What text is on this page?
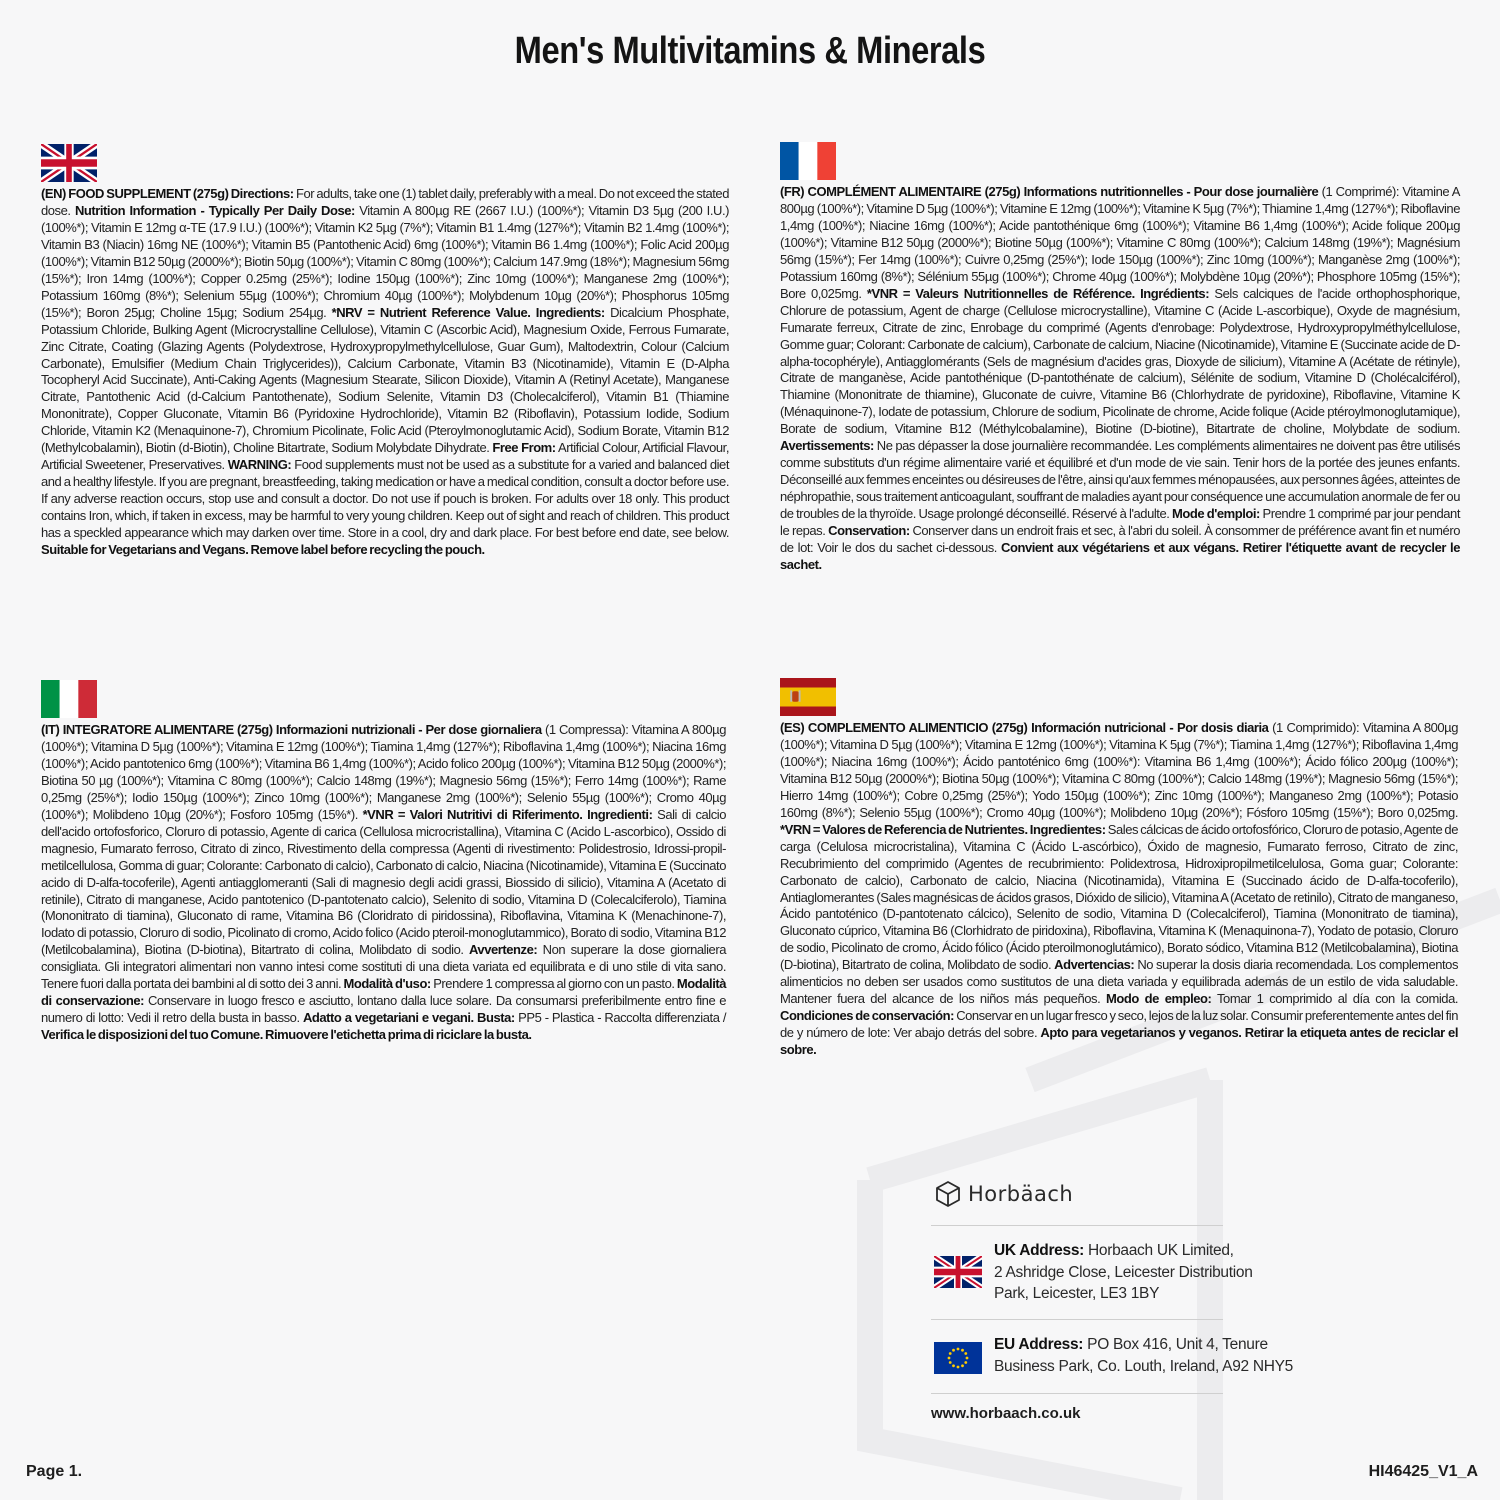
Men's Multivitamins & Minerals
(EN) FOOD SUPPLEMENT (275g) Directions: For adults, take one (1) tablet daily, preferably with a meal. Do not exceed the stated dose. Nutrition Information - Typically Per Daily Dose: Vitamin A 800µg RE (2667 I.U.) (100%*); Vitamin D3 5µg (200 I.U.) (100%*); Vitamin E 12mg α-TE (17.9 I.U.) (100%*); Vitamin K2 5µg (7%*); Vitamin B1 1.4mg (127%*); Vitamin B2 1.4mg (100%*); Vitamin B3 (Niacin) 16mg NE (100%*); Vitamin B5 (Pantothenic Acid) 6mg (100%*); Vitamin B6 1.4mg (100%*); Folic Acid 200µg (100%*); Vitamin B12 50µg (2000%*); Biotin 50µg (100%*); Vitamin C 80mg (100%*); Calcium 147.9mg (18%*); Magnesium 56mg (15%*); Iron 14mg (100%*); Copper 0.25mg (25%*); Iodine 150µg (100%*); Zinc 10mg (100%*); Manganese 2mg (100%*); Potassium 160mg (8%*); Selenium 55µg (100%*); Chromium 40µg (100%*); Molybdenum 10µg (20%*); Phosphorus 105mg (15%*); Boron 25µg; Choline 15µg; Sodium 254µg. *NRV = Nutrient Reference Value. Ingredients: Dicalcium Phosphate, Potassium Chloride, Bulking Agent (Microcrystalline Cellulose), Vitamin C (Ascorbic Acid), Magnesium Oxide, Ferrous Fumarate, Zinc Citrate, Coating (Glazing Agents (Polydextrose, Hydroxypropylmethylcellulose, Guar Gum), Maltodextrin, Colour (Calcium Carbonate), Emulsifier (Medium Chain Triglycerides)), Calcium Carbonate, Vitamin B3 (Nicotinamide), Vitamin E (D-Alpha Tocopheryl Acid Succinate), Anti-Caking Agents (Magnesium Stearate, Silicon Dioxide), Vitamin A (Retinyl Acetate), Manganese Citrate, Pantothenic Acid (d-Calcium Pantothenate), Sodium Selenite, Vitamin D3 (Cholecalciferol), Vitamin B1 (Thiamine Mononitrate), Copper Gluconate, Vitamin B6 (Pyridoxine Hydrochloride), Vitamin B2 (Riboflavin), Potassium Iodide, Sodium Chloride, Vitamin K2 (Menaquinone-7), Chromium Picolinate, Folic Acid (Pteroylmonoglutamic Acid), Sodium Borate, Vitamin B12 (Methylcobalamin), Biotin (d-Biotin), Choline Bitartrate, Sodium Molybdate Dihydrate. Free From: Artificial Colour, Artificial Flavour, Artificial Sweetener, Preservatives. WARNING: Food supplements must not be used as a substitute for a varied and balanced diet and a healthy lifestyle. If you are pregnant, breastfeeding, taking medication or have a medical condition, consult a doctor before use. If any adverse reaction occurs, stop use and consult a doctor. Do not use if pouch is broken. For adults over 18 only. This product contains Iron, which, if taken in excess, may be harmful to very young children. Keep out of sight and reach of children. This product has a speckled appearance which may darken over time. Store in a cool, dry and dark place. For best before end date, see below. Suitable for Vegetarians and Vegans. Remove label before recycling the pouch.
(FR) COMPLÉMENT ALIMENTAIRE (275g) Informations nutritionnelles - Pour dose journalière (1 Comprimé): Vitamine A 800µg (100%*); Vitamine D 5µg (100%*); Vitamine E 12mg (100%*); Vitamine K 5µg (7%*); Thiamine 1,4mg (127%*); Riboflavine 1,4mg (100%*); Niacine 16mg (100%*); Acide pantothénique 6mg (100%*); Vitamine B6 1,4mg (100%*); Acide folique 200µg (100%*); Vitamine B12 50µg (2000%*); Biotine 50µg (100%*); Vitamine C 80mg (100%*); Calcium 148mg (19%*); Magnésium 56mg (15%*); Fer 14mg (100%*); Cuivre 0,25mg (25%*); Iode 150µg (100%*); Zinc 10mg (100%*); Manganèse 2mg (100%*); Potassium 160mg (8%*); Sélénium 55µg (100%*); Chrome 40µg (100%*); Molybdène 10µg (20%*); Phosphore 105mg (15%*); Bore 0,025mg. *VNR = Valeurs Nutritionnelles de Référence. Ingrédients: Sels calciques de l'acide orthophosphorique, Chlorure de potassium, Agent de charge (Cellulose microcrystalline), Vitamine C (Acide L-ascorbique), Oxyde de magnésium, Fumarate ferreux, Citrate de zinc, Enrobage du comprimé (Agents d'enrobage: Polydextrose, Hydroxypropylméthylcellulose, Gomme guar; Colorant: Carbonate de calcium), Carbonate de calcium, Niacine (Nicotinamide), Vitamine E (Succinate acide de D-alpha-tocophéryle), Antiagglomérants (Sels de magnésium d'acides gras, Dioxyde de silicium), Vitamine A (Acétate de rétinyle), Citrate de manganèse, Acide pantothénique (D-pantothénate de calcium), Sélénite de sodium, Vitamine D (Cholécalciférol), Thiamine (Mononitrate de thiamine), Gluconate de cuivre, Vitamine B6 (Chlorhydrate de pyridoxine), Riboflavine, Vitamine K (Ménaquinone-7), Iodate de potassium, Chlorure de sodium, Picolinate de chrome, Acide folique (Acide ptéroylmonoglutamique), Borate de sodium, Vitamine B12 (Méthylcobalamine), Biotine (D-biotine), Bitartrate de choline, Molybdate de sodium. Avertissements: Ne pas dépasser la dose journalière recommandée. Les compléments alimentaires ne doivent pas être utilisés comme substituts d'un régime alimentaire varié et équilibré et d'un mode de vie sain. Tenir hors de la portée des jeunes enfants. Déconseillé aux femmes enceintes ou désireuses de l'être, ainsi qu'aux femmes ménopausées, aux personnes âgées, atteintes de néphropathie, sous traitement anticoagulant, souffrant de maladies ayant pour conséquence une accumulation anormale de fer ou de troubles de la thyroïde. Usage prolongé déconseillé. Réservé à l'adulte. Mode d'emploi: Prendre 1 comprimé par jour pendant le repas. Conservation: Conserver dans un endroit frais et sec, à l'abri du soleil. À consommer de préférence avant fin et numéro de lot: Voir le dos du sachet ci-dessous. Convient aux végétariens et aux végans. Retirer l'étiquette avant de recycler le sachet.
(IT) INTEGRATORE ALIMENTARE (275g) Informazioni nutrizionali - Per dose giornaliera (1 Compressa): Vitamina A 800µg (100%*); Vitamina D 5µg (100%*); Vitamina E 12mg (100%*); Tiamina 1,4mg (127%*); Riboflavina 1,4mg (100%*); Niacina 16mg (100%*); Acido pantotenico 6mg (100%*); Vitamina B6 1,4mg (100%*); Acido folico 200µg (100%*); Vitamina B12 50µg (2000%*); Biotina 50 µg (100%*); Vitamina C 80mg (100%*); Calcio 148mg (19%*); Magnesio 56mg (15%*); Ferro 14mg (100%*); Rame 0,25mg (25%*); Iodio 150µg (100%*); Zinco 10mg (100%*); Manganese 2mg (100%*); Selenio 55µg (100%*); Cromo 40µg (100%*); Molibdeno 10µg (20%*); Fosforo 105mg (15%*). *VNR = Valori Nutritivi di Riferimento. Ingredienti: Sali di calcio dell'acido ortofosforico, Cloruro di potassio, Agente di carica (Cellulosa microcristallina), Vitamina C (Acido L-ascorbico), Ossido di magnesio, Fumarato ferroso, Citrato di zinco, Rivestimento della compressa (Agenti di rivestimento: Polidestrosio, Idrossi-propil-metilcellulosa, Gomma di guar; Colorante: Carbonato di calcio), Carbonato di calcio, Niacina (Nicotinamide), Vitamina E (Succinato acido di D-alfa-tocoferile), Agenti antiagglomeranti (Sali di magnesio degli acidi grassi, Biossido di silicio), Vitamina A (Acetato di retinile), Citrato di manganese, Acido pantotenico (D-pantotenato calcio), Selenito di sodio, Vitamina D (Colecalciferolo), Tiamina (Mononitrato di tiamina), Gluconato di rame, Vitamina B6 (Cloridrato di piridossina), Riboflavina, Vitamina K (Menachinone-7), Iodato di potassio, Cloruro di sodio, Picolinato di cromo, Acido folico (Acido pteroil-monoglutammico), Borato di sodio, Vitamina B12 (Metilcobalamina), Biotina (D-biotina), Bitartrato di colina, Molibdato di sodio. Avvertenze: Non superare la dose giornaliera consigliata. Gli integratori alimentari non vanno intesi come sostituti di una dieta variata ed equilibrata e di uno stile di vita sano. Tenere fuori dalla portata dei bambini al di sotto dei 3 anni. Modalità d'uso: Prendere 1 compressa al giorno con un pasto. Modalità di conservazione: Conservare in luogo fresco e asciutto, lontano dalla luce solare. Da consumarsi preferibilmente entro fine e numero di lotto: Vedi il retro della busta in basso. Adatto a vegetariani e vegani. Busta: PP5 - Plastica - Raccolta differenziata / Verifica le disposizioni del tuo Comune. Rimuovere l'etichetta prima di riciclare la busta.
(ES) COMPLEMENTO ALIMENTICIO (275g) Información nutricional - Por dosis diaria (1 Comprimido): Vitamina A 800µg (100%*); Vitamina D 5µg (100%*); Vitamina E 12mg (100%*); Vitamina K 5µg (7%*); Tiamina 1,4mg (127%*); Riboflavina 1,4mg (100%*); Niacina 16mg (100%*); Ácido pantoténico 6mg (100%*): Vitamina B6 1,4mg (100%*); Ácido fólico 200µg (100%*); Vitamina B12 50µg (2000%*); Biotina 50µg (100%*); Vitamina C 80mg (100%*); Calcio 148mg (19%*); Magnesio 56mg (15%*); Hierro 14mg (100%*); Cobre 0,25mg (25%*); Yodo 150µg (100%*); Zinc 10mg (100%*); Manganeso 2mg (100%*); Potasio 160mg (8%*); Selenio 55µg (100%*); Cromo 40µg (100%*); Molibdeno 10µg (20%*); Fósforo 105mg (15%*); Boro 0,025mg. *VRN = Valores de Referencia de Nutrientes. Ingredientes: Sales cálcicas de ácido ortofosfórico, Cloruro de potasio, Agente de carga (Celulosa microcristalina), Vitamina C (Ácido L-ascórbico), Óxido de magnesio, Fumarato ferroso, Citrato de zinc, Recubrimiento del comprimido (Agentes de recubrimiento: Polidextrosa, Hidroxipropilmetilcelulosa, Goma guar; Colorante: Carbonato de calcio), Carbonato de calcio, Niacina (Nicotinamida), Vitamina E (Succinado ácido de D-alfa-tocoferilo), Antiaglomerantes (Sales magnésicas de ácidos grasos, Dióxido de silicio), Vitamina A (Acetato de retinilo), Citrato de manganeso, Ácido pantoténico (D-pantotenato cálcico), Selenito de sodio, Vitamina D (Colecalciferol), Tiamina (Mononitrato de tiamina), Gluconato cúprico, Vitamina B6 (Clorhidrato de piridoxina), Riboflavina, Vitamina K (Menaquinona-7), Yodato de potasio, Cloruro de sodio, Picolinato de cromo, Ácido fólico (Ácido pteroilmonoglutámico), Borato sódico, Vitamina B12 (Metilcobalamina), Biotina (D-biotina), Bitartrato de colina, Molibdato de sodio. Advertencias: No superar la dosis diaria recomendada. Los complementos alimenticios no deben ser usados como sustitutos de una dieta variada y equilibrada además de un estilo de vida saludable. Mantener fuera del alcance de los niños más pequeños. Modo de empleo: Tomar 1 comprimido al día con la comida. Condiciones de conservación: Conservar en un lugar fresco y seco, lejos de la luz solar. Consumir preferentemente antes del fin de y número de lote: Ver abajo detrás del sobre. Apto para vegetarianos y veganos. Retirar la etiqueta antes de reciclar el sobre.
Horbäach
UK Address: Horbaach UK Limited,
2 Ashridge Close, Leicester Distribution
Park, Leicester, LE3 1BY
EU Address: PO Box 416, Unit 4, Tenure
Business Park, Co. Louth, Ireland, A92 NHY5
www.horbaach.co.uk
Page 1.	HI46425_V1_A
